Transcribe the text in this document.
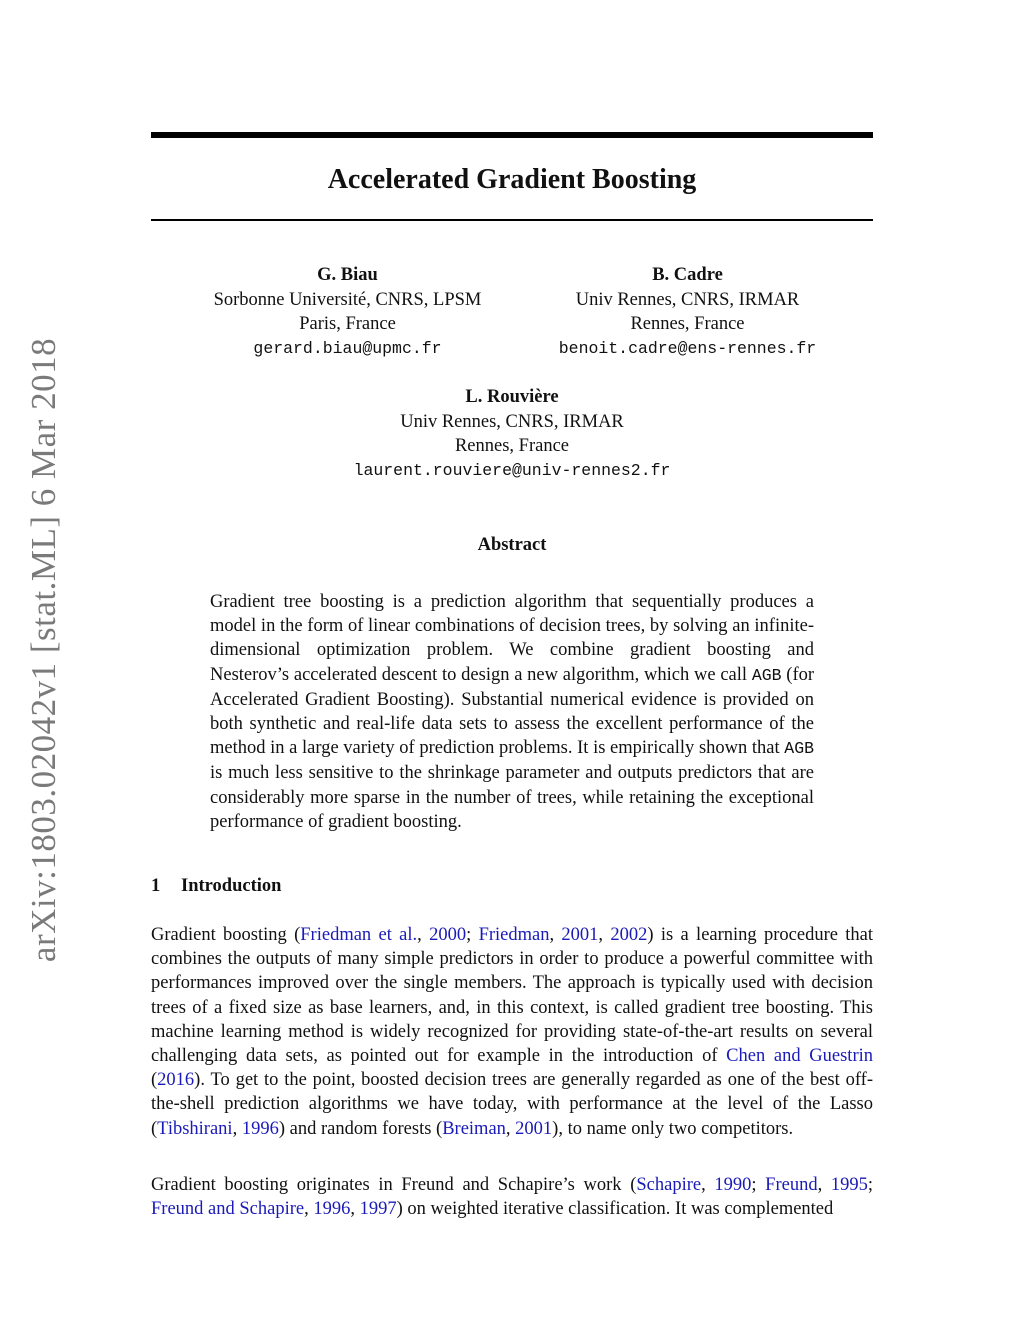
arXiv:1803.02042v1 [stat.ML] 6 Mar 2018
Accelerated Gradient Boosting
G. Biau
Sorbonne Université, CNRS, LPSM
Paris, France
gerard.biau@upmc.fr
B. Cadre
Univ Rennes, CNRS, IRMAR
Rennes, France
benoit.cadre@ens-rennes.fr
L. Rouvière
Univ Rennes, CNRS, IRMAR
Rennes, France
laurent.rouviere@univ-rennes2.fr
Abstract
Gradient tree boosting is a prediction algorithm that sequentially produces a model in the form of linear combinations of decision trees, by solving an infinite-dimensional optimization problem. We combine gradient boosting and Nesterov’s accelerated descent to design a new algorithm, which we call AGB (for Accelerated Gradient Boosting). Substantial numerical evidence is provided on both synthetic and real-life data sets to assess the excellent performance of the method in a large variety of prediction problems. It is empirically shown that AGB is much less sensitive to the shrinkage parameter and outputs predictors that are considerably more sparse in the number of trees, while retaining the exceptional performance of gradient boosting.
1 Introduction

Gradient boosting (Friedman et al., 2000; Friedman, 2001, 2002) is a learning procedure that combines the outputs of many simple predictors in order to produce a powerful committee with performances improved over the single members. The approach is typically used with decision trees of a fixed size as base learners, and, in this context, is called gradient tree boosting. This machine learning method is widely recognized for providing state-of-the-art results on several challenging data sets, as pointed out for example in the introduction of Chen and Guestrin (2016). To get to the point, boosted decision trees are generally regarded as one of the best off-the-shell prediction algorithms we have today, with performance at the level of the Lasso (Tibshirani, 1996) and random forests (Breiman, 2001), to name only two competitors.

Gradient boosting originates in Freund and Schapire’s work (Schapire, 1990; Freund, 1995; Freund and Schapire, 1996, 1997) on weighted iterative classification. It was complemented
